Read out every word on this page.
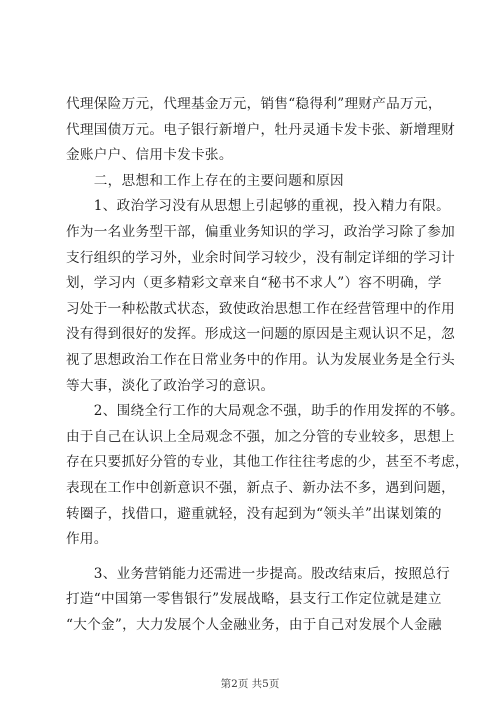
代理保险万元，代理基金万元，销售“稳得利”理财产品万元，
代理国债万元。电子银行新增户，牡丹灵通卡发卡张、新增理财
金账户户、信用卡发卡张。
　　二，思想和工作上存在的主要问题和原因
　　1、政治学习没有从思想上引起够的重视，投入精力有限。
作为一名业务型干部，偏重业务知识的学习，政治学习除了参加
支行组织的学习外，业余时间学习较少，没有制定详细的学习计
划，学习内（更多精彩文章来自“秘书不求人”）容不明确，学
习处于一种松散式状态，致使政治思想工作在经营管理中的作用
没有得到很好的发挥。形成这一问题的原因是主观认识不足，忽
视了思想政治工作在日常业务中的作用。认为发展业务是全行头
等大事，淡化了政治学习的意识。
　　2、围绕全行工作的大局观念不强，助手的作用发挥的不够。
由于自己在认识上全局观念不强，加之分管的专业较多，思想上
存在只要抓好分管的专业，其他工作往往考虑的少，甚至不考虑，
表现在工作中创新意识不强，新点子、新办法不多，遇到问题，
转圈子，找借口，避重就轻，没有起到为“领头羊”出谋划策的
作用。
　　3、业务营销能力还需进一步提高。股改结束后，按照总行
打造“中国第一零售银行”发展战略，县支行工作定位就是建立
“大个金”，大力发展个人金融业务，由于自己对发展个人金融
第2页 共5页
